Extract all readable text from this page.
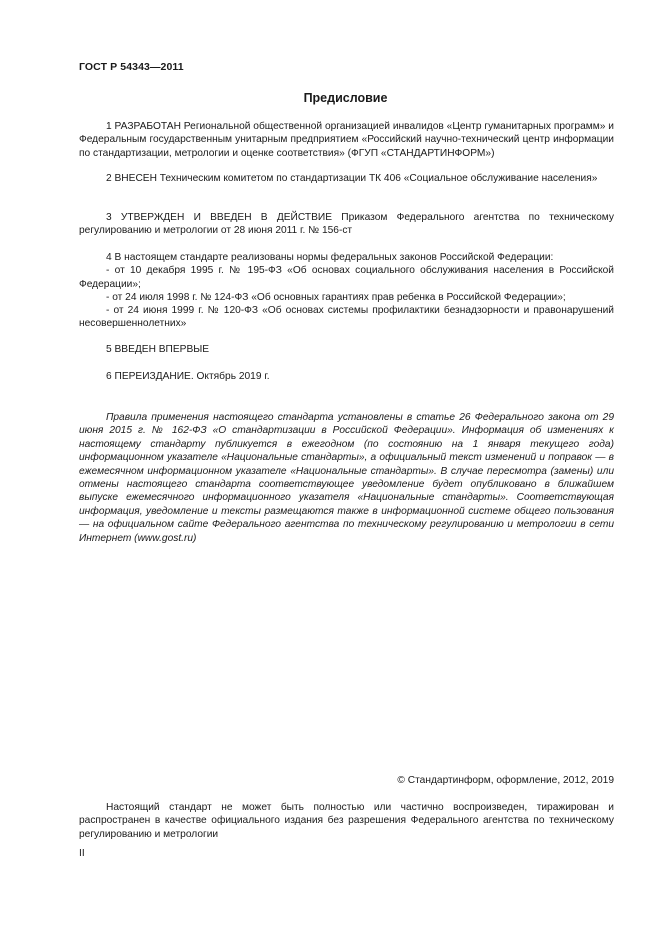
ГОСТ Р 54343—2011
Предисловие

1 РАЗРАБОТАН Региональной общественной организацией инвалидов «Центр гуманитарных программ» и Федеральным государственным унитарным предприятием «Российский научно-технический центр информации по стандартизации, метрологии и оценке соответствия» (ФГУП «СТАНДАРТИНФОРМ»)

2 ВНЕСЕН Техническим комитетом по стандартизации ТК 406 «Социальное обслуживание населения»

3 УТВЕРЖДЕН И ВВЕДЕН В ДЕЙСТВИЕ Приказом Федерального агентства по техническому регулированию и метрологии от 28 июня 2011 г. № 156-ст

4 В настоящем стандарте реализованы нормы федеральных законов Российской Федерации:

- от 10 декабря 1995 г. № 195-ФЗ «Об основах социального обслуживания населения в Российской Федерации»;

- от 24 июля 1998 г. № 124-ФЗ «Об основных гарантиях прав ребенка в Российской Федерации»;

- от 24 июня 1999 г. № 120-ФЗ «Об основах системы профилактики безнадзорности и правонарушений несовершеннолетних»

5 ВВЕДЕН ВПЕРВЫЕ

6 ПЕРЕИЗДАНИЕ. Октябрь 2019 г.

Правила применения настоящего стандарта установлены в статье 26 Федерального закона от 29 июня 2015 г. № 162-ФЗ «О стандартизации в Российской Федерации». Информация об изменениях к настоящему стандарту публикуется в ежегодном (по состоянию на 1 января текущего года) информационном указателе «Национальные стандарты», а официальный текст изменений и поправок — в ежемесячном информационном указателе «Национальные стандарты». В случае пересмотра (замены) или отмены настоящего стандарта соответствующее уведомление будет опубликовано в ближайшем выпуске ежемесячного информационного указателя «Национальные стандарты». Соответствующая информация, уведомление и тексты размещаются также в информационной системе общего пользования — на официальном сайте Федерального агентства по техническому регулированию и метрологии в сети Интернет (www.gost.ru)
© Стандартинформ, оформление, 2012, 2019
Настоящий стандарт не может быть полностью или частично воспроизведен, тиражирован и распространен в качестве официального издания без разрешения Федерального агентства по техническому регулированию и метрологии
II
